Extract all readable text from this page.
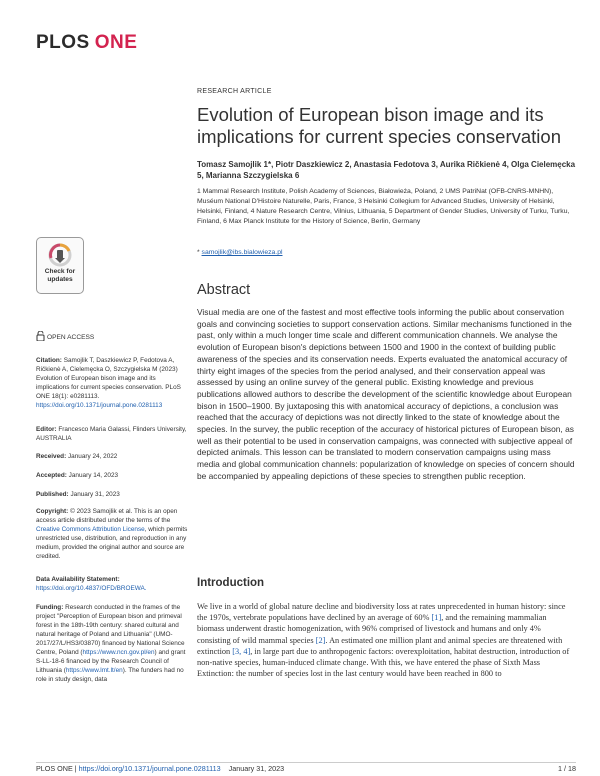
PLOS ONE
RESEARCH ARTICLE
Evolution of European bison image and its implications for current species conservation
Tomasz Samojlik 1*, Piotr Daszkiewicz 2, Anastasia Fedotova 3, Aurika Ričkienė 4, Olga Cielemęcka 5, Marianna Szczygielska 6
1 Mammal Research Institute, Polish Academy of Sciences, Białowieża, Poland, 2 UMS PatriNat (OFB-CNRS-MNHN), Muséum National D'Histoire Naturelle, Paris, France, 3 Helsinki Collegium for Advanced Studies, University of Helsinki, Helsinki, Finland, 4 Nature Research Centre, Vilnius, Lithuania, 5 Department of Gender Studies, University of Turku, Turku, Finland, 6 Max Planck Institute for the History of Science, Berlin, Germany
* samojlik@ibs.bialowieza.pl
Abstract
Visual media are one of the fastest and most effective tools informing the public about conservation goals and convincing societies to support conservation actions. Similar mechanisms functioned in the past, only within a much longer time scale and different communication channels. We analyse the evolution of European bison's depictions between 1500 and 1900 in the context of building public awareness of the species and its conservation needs. Experts evaluated the anatomical accuracy of thirty eight images of the species from the period analysed, and their conservation appeal was assessed by using an online survey of the general public. Existing knowledge and previous publications allowed authors to describe the development of the scientific knowledge about European bison in 1500–1900. By juxtaposing this with anatomical accuracy of depictions, a conclusion was reached that the accuracy of depictions was not directly linked to the state of knowledge about the species. In the survey, the public reception of the accuracy of historical pictures of European bison, as well as their potential to be used in conservation campaigns, was connected with subjective appeal of depicted animals. This lesson can be translated to modern conservation campaigns using mass media and global communication channels: popularization of knowledge on species of concern should be accompanied by appealing depictions of these species to strengthen public reception.
Introduction
We live in a world of global nature decline and biodiversity loss at rates unprecedented in human history: since the 1970s, vertebrate populations have declined by an average of 60% [1], and the remaining mammalian biomass underwent drastic homogenization, with 96% comprised of livestock and humans and only 4% consisting of wild mammal species [2]. An estimated one million plant and animal species are threatened with extinction [3, 4], in large part due to anthropogenic factors: overexploitation, habitat destruction, introduction of non-native species, human-induced climate change. With this, we have entered the phase of Sixth Mass Extinction: the number of species lost in the last century would have been reached in 800 to
Check for updates
OPEN ACCESS
Citation: Samojlik T, Daszkiewicz P, Fedotova A, Ričkienė A, Cielemęcka O, Szczygielska M (2023) Evolution of European bison image and its implications for current species conservation. PLoS ONE 18(1): e0281113. https://doi.org/10.1371/journal.pone.0281113
Editor: Francesco Maria Galassi, Flinders University, AUSTRALIA
Received: January 24, 2022
Accepted: January 14, 2023
Published: January 31, 2023
Copyright: © 2023 Samojlik et al. This is an open access article distributed under the terms of the Creative Commons Attribution License, which permits unrestricted use, distribution, and reproduction in any medium, provided the original author and source are credited.
Data Availability Statement: https://doi.org/10.4837/OFD/BROEWA.
Funding: Research conducted in the frames of the project "Perception of European bison and primeval forest in the 18th-19th century: shared cultural and natural heritage of Poland and Lithuania" (UMO-2017/27/L/HS3/03870) financed by National Science Centre, Poland (https://www.ncn.gov.pl/en) and grant S-LL-18-6 financed by the Research Council of Lithuania (https://www.lmt.lt/en). The funders had no role in study design, data
PLOS ONE | https://doi.org/10.1371/journal.pone.0281113 January 31, 2023	1 / 18
